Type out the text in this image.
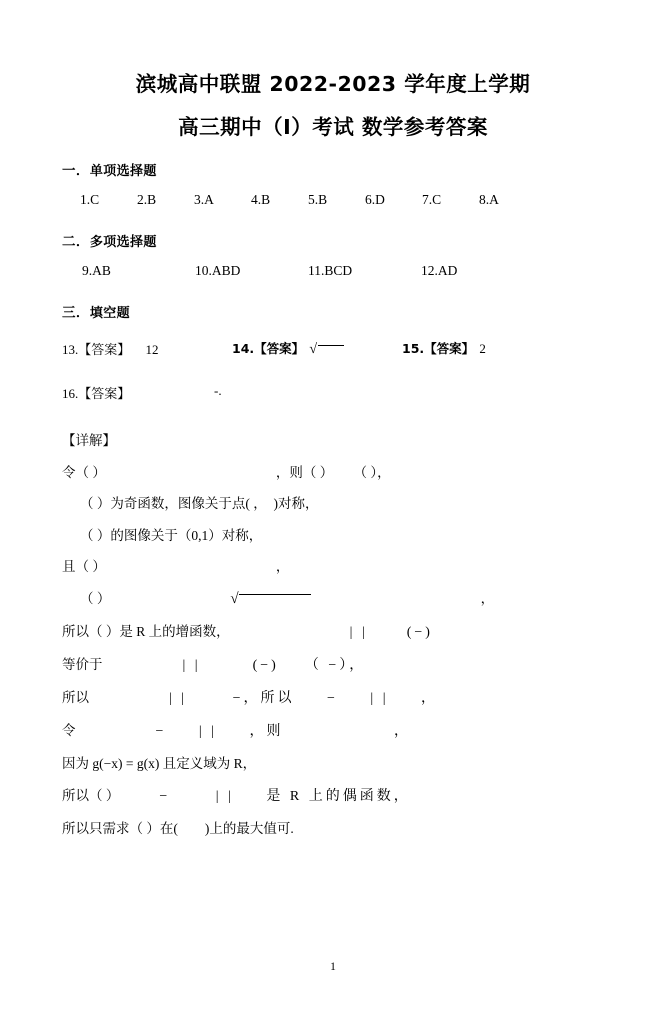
滨城高中联盟 2022-2023 学年度上学期
高三期中（I）考试 数学参考答案
一．单项选择题
1.C	2.B	3.A	4.B	5.B	6.D	7.C	8.A
二．多项选择题
9.AB	10.ABD	11.BCD	12.AD
三．填空题
13.【答案】 12	14.【答案】 √	15.【答案】 2
16.【答案】	-.
【详解】
令（ ）	，则（ ）      （ ），
（ ）为奇函数，图像关于点( ，  )对称，
（ ）的图像关于（0,1）对称，
且（ ）	，
（ ）	√	，
所以（ ）是 R 上的增函数，	| |      (−)
等价于	| |        (−)    （ −），
所以	| |       −，所以     −     | |     ，
令	−     | |     ，则                 ，
因为 g(−x) = g(x) 且定义域为 R，
所以（ ）	−       | |     是 R 上的偶函数，
所以只需求（ ）在(        )上的最大值可.
1
